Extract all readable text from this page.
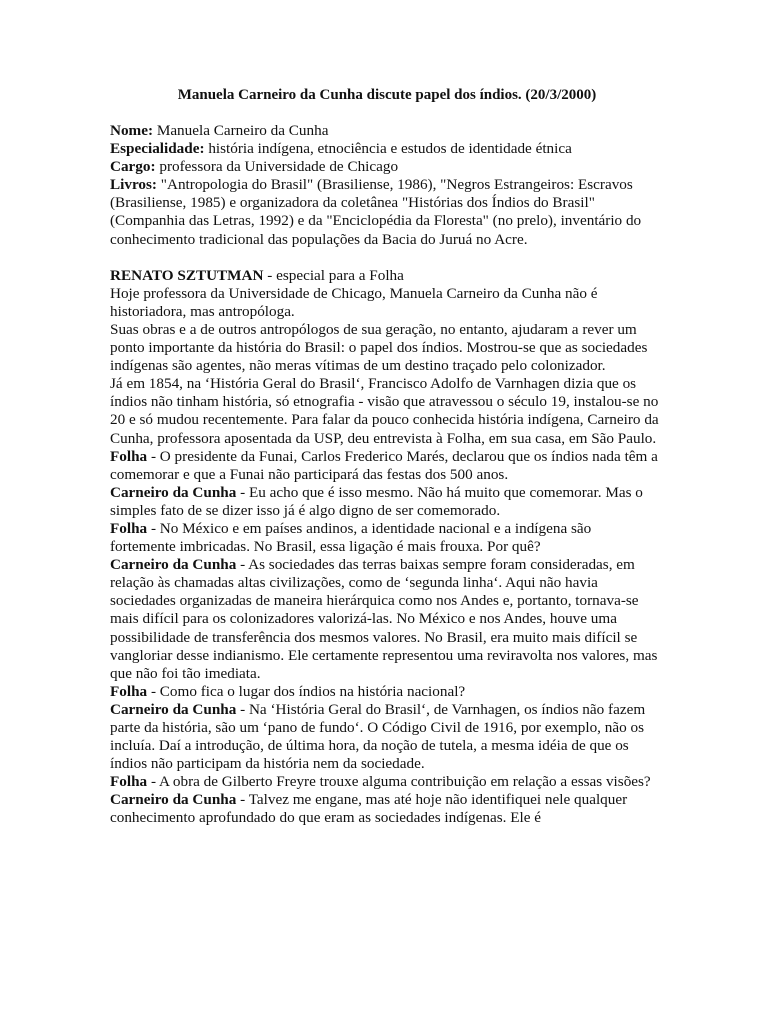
Manuela Carneiro da Cunha discute papel dos índios. (20/3/2000)

Nome: Manuela Carneiro da Cunha

Especialidade: história indígena, etnociência e estudos de identidade étnica

Cargo: professora da Universidade de Chicago

Livros: "Antropologia do Brasil" (Brasiliense, 1986), "Negros Estrangeiros: Escravos (Brasiliense, 1985) e organizadora da coletânea "Histórias dos Índios do Brasil" (Companhia das Letras, 1992) e da "Enciclopédia da Floresta" (no prelo), inventário do conhecimento tradicional das populações da Bacia do Juruá no Acre.

RENATO SZTUTMAN - especial para a Folha

Hoje professora da Universidade de Chicago, Manuela Carneiro da Cunha não é historiadora, mas antropóloga.

Suas obras e a de outros antropólogos de sua geração, no entanto, ajudaram a rever um ponto importante da história do Brasil: o papel dos índios. Mostrou-se que as sociedades indígenas são agentes, não meras vítimas de um destino traçado pelo colonizador.

Já em 1854, na ‘História Geral do Brasil‘, Francisco Adolfo de Varnhagen dizia que os índios não tinham história, só etnografia - visão que atravessou o século 19, instalou-se no 20 e só mudou recentemente. Para falar da pouco conhecida história indígena, Carneiro da Cunha, professora aposentada da USP, deu entrevista à Folha, em sua casa, em São Paulo.

Folha - O presidente da Funai, Carlos Frederico Marés, declarou que os índios nada têm a comemorar e que a Funai não participará das festas dos 500 anos.

Carneiro da Cunha - Eu acho que é isso mesmo. Não há muito que comemorar. Mas o simples fato de se dizer isso já é algo digno de ser comemorado.

Folha - No México e em países andinos, a identidade nacional e a indígena são fortemente imbricadas. No Brasil, essa ligação é mais frouxa. Por quê?

Carneiro da Cunha - As sociedades das terras baixas sempre foram consideradas, em relação às chamadas altas civilizações, como de ‘segunda linha‘. Aqui não havia sociedades organizadas de maneira hierárquica como nos Andes e, portanto, tornava-se mais difícil para os colonizadores valorizá-las. No México e nos Andes, houve uma possibilidade de transferência dos mesmos valores. No Brasil, era muito mais difícil se vangloriar desse indianismo. Ele certamente representou uma reviravolta nos valores, mas que não foi tão imediata.

Folha - Como fica o lugar dos índios na história nacional?

Carneiro da Cunha - Na ‘História Geral do Brasil‘, de Varnhagen, os índios não fazem parte da história, são um ‘pano de fundo‘. O Código Civil de 1916, por exemplo, não os incluía. Daí a introdução, de última hora, da noção de tutela, a mesma idéia de que os índios não participam da história nem da sociedade.

Folha - A obra de Gilberto Freyre trouxe alguma contribuição em relação a essas visões?

Carneiro da Cunha - Talvez me engane, mas até hoje não identifiquei nele qualquer conhecimento aprofundado do que eram as sociedades indígenas. Ele é
